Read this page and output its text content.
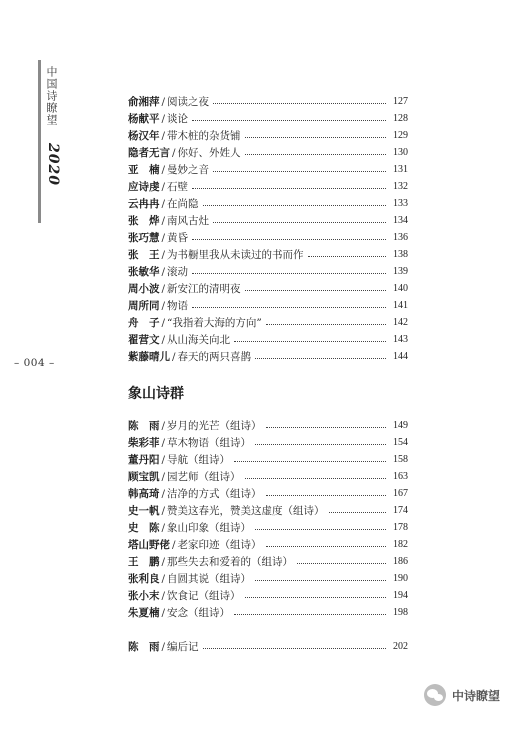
中国诗瞭望
2020
– 004 –
俞湘萍 / 阅读之夜	127
杨献平 / 谈论	128
杨汉年 / 带木桩的杂货铺	129
隐者无言 / 你好、外姓人	130
亚　楠 / 曼妙之音	131
应诗虔 / 石壁	132
云冉冉 / 在尚隐	133
张　烨 / 南风古灶	134
张巧慧 / 黄昏	136
张　王 / 为书橱里我从未读过的书而作	138
张敏华 / 滚动	139
周小波 / 新安江的清明夜	140
周所同 / 物语	141
舟　子 / “我指着大海的方向”	142
翟营文 / 从山海关向北	143
紫藤晴儿 / 春天的两只喜鹊	144
象山诗群
陈　雨 / 岁月的光芒（组诗）	149
柴彩菲 / 草木物语（组诗）	154
董丹阳 / 导航（组诗）	158
顾宝凯 / 园艺师（组诗）	163
韩高琦 / 洁净的方式（组诗）	167
史一帆 / 赞美这春光，赞美这虚度（组诗）	174
史　陈 / 象山印象（组诗）	178
塔山野佬 / 老家印迹（组诗）	182
王　鹏 / 那些失去和爱着的（组诗）	186
张利良 / 自圆其说（组诗）	190
张小末 / 饮食记（组诗）	194
朱夏楠 / 安念（组诗）	198
陈　雨 / 编后记	202
中诗瞭望
